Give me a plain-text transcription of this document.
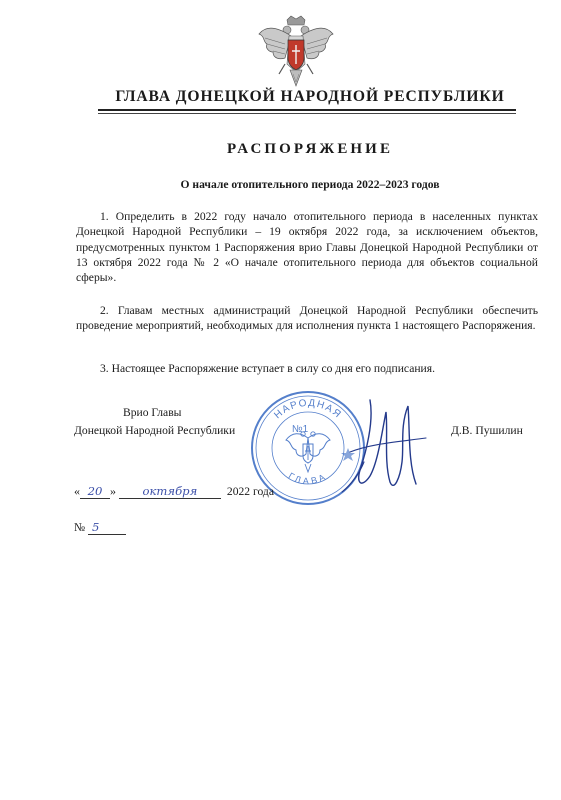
ГЛАВА ДОНЕЦКОЙ НАРОДНОЙ РЕСПУБЛИКИ
РАСПОРЯЖЕНИЕ
О начале отопительного периода 2022–2023 годов
1. Определить в 2022 году начало отопительного периода в населенных пунктах Донецкой Народной Республики – 19 октября 2022 года, за исключением объектов, предусмотренных пунктом 1 Распоряжения врио Главы Донецкой Народной Республики от 13 октября 2022 года № 2 «О начале отопительного периода для объектов социальной сферы».
2. Главам местных администраций Донецкой Народной Республики обеспечить проведение мероприятий, необходимых для исполнения пункта 1 настоящего Распоряжения.
3. Настоящее Распоряжение вступает в силу со дня его подписания.
Врио Главы
Донецкой Народной Республики	Д.В. Пушилин
НАРОДНАЯ
ГЛАВА
№1
« 20 » октября	2022 года
№ 5
